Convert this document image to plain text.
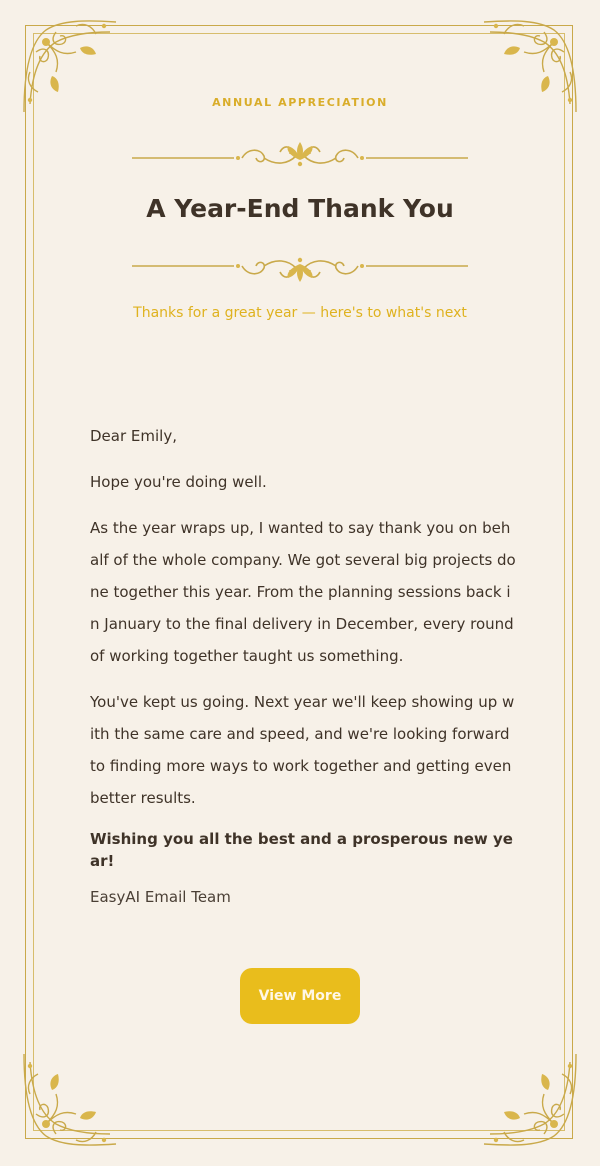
ANNUAL APPRECIATION
A Year-End Thank You
Thanks for a great year — here's to what's next

Dear Emily,

Hope you're doing well.

As the year wraps up, I wanted to say thank you on behalf of the whole company. We got several big projects done together this year. From the planning sessions back in January to the final delivery in December, every round of working together taught us something.

You've kept us going. Next year we'll keep showing up with the same care and speed, and we're looking forward to finding more ways to work together and getting even better results.

Wishing you all the best and a prosperous new year!

EasyAI Email Team

View More
